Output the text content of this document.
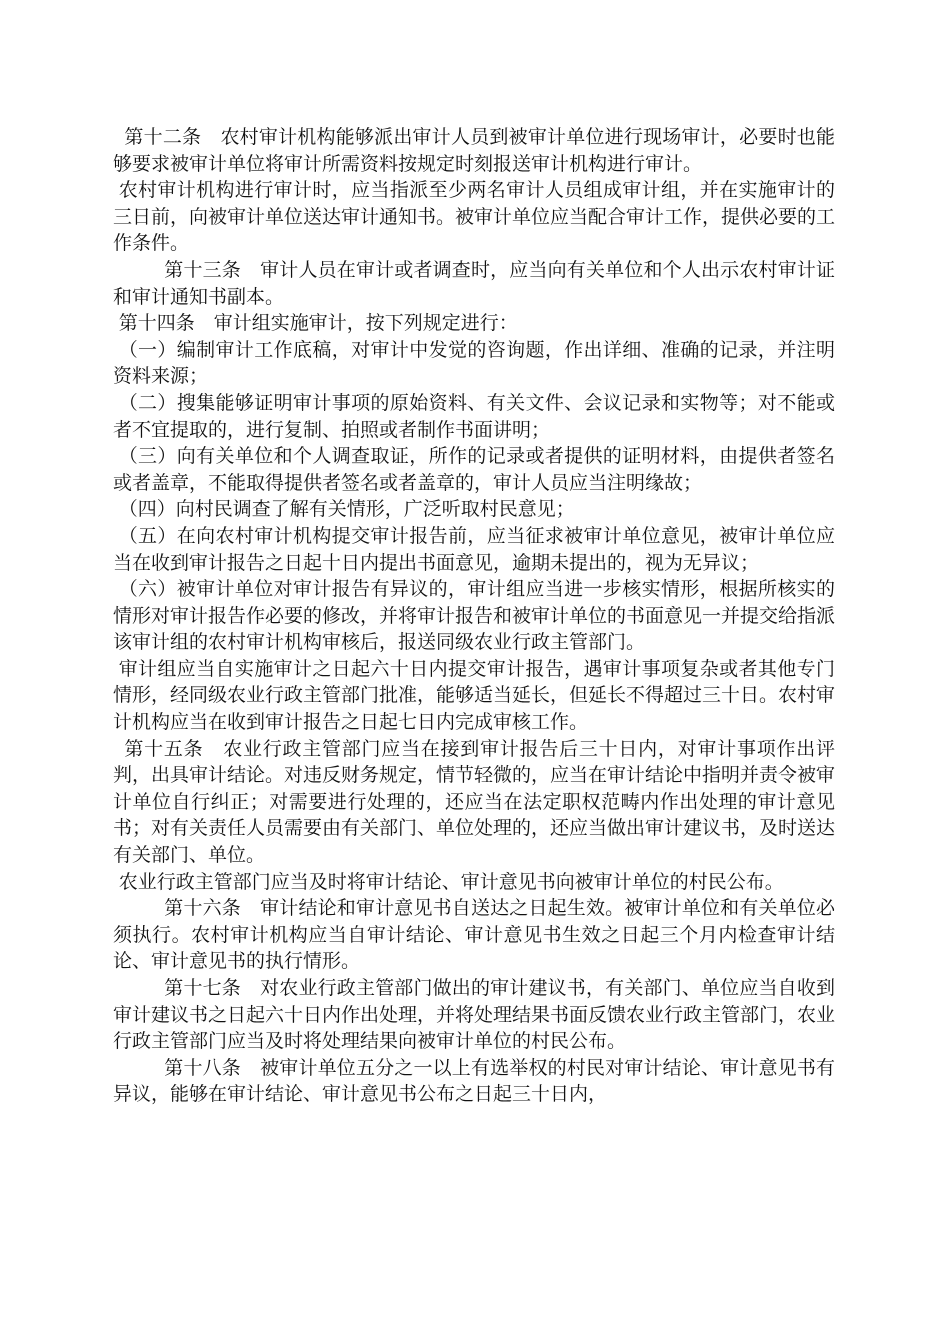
第十二条　农村审计机构能够派出审计人员到被审计单位进行现场审计，必要时也能够要求被审计单位将审计所需资料按规定时刻报送审计机构进行审计。

农村审计机构进行审计时，应当指派至少两名审计人员组成审计组，并在实施审计的三日前，向被审计单位送达审计通知书。被审计单位应当配合审计工作，提供必要的工作条件。

第十三条　审计人员在审计或者调查时，应当向有关单位和个人出示农村审计证和审计通知书副本。

第十四条　审计组实施审计，按下列规定进行：

（一）编制审计工作底稿，对审计中发觉的咨询题，作出详细、准确的记录，并注明资料来源；

（二）搜集能够证明审计事项的原始资料、有关文件、会议记录和实物等；对不能或者不宜提取的，进行复制、拍照或者制作书面讲明；

（三）向有关单位和个人调查取证，所作的记录或者提供的证明材料，由提供者签名或者盖章，不能取得提供者签名或者盖章的，审计人员应当注明缘故；

（四）向村民调查了解有关情形，广泛听取村民意见；

（五）在向农村审计机构提交审计报告前，应当征求被审计单位意见，被审计单位应当在收到审计报告之日起十日内提出书面意见，逾期未提出的，视为无异议；

（六）被审计单位对审计报告有异议的，审计组应当进一步核实情形，根据所核实的情形对审计报告作必要的修改，并将审计报告和被审计单位的书面意见一并提交给指派该审计组的农村审计机构审核后，报送同级农业行政主管部门。

审计组应当自实施审计之日起六十日内提交审计报告，遇审计事项复杂或者其他专门情形，经同级农业行政主管部门批准，能够适当延长，但延长不得超过三十日。农村审计机构应当在收到审计报告之日起七日内完成审核工作。

第十五条　农业行政主管部门应当在接到审计报告后三十日内，对审计事项作出评判，出具审计结论。对违反财务规定，情节轻微的，应当在审计结论中指明并责令被审计单位自行纠正；对需要进行处理的，还应当在法定职权范畴内作出处理的审计意见书；对有关责任人员需要由有关部门、单位处理的，还应当做出审计建议书，及时送达有关部门、单位。

农业行政主管部门应当及时将审计结论、审计意见书向被审计单位的村民公布。

第十六条　审计结论和审计意见书自送达之日起生效。被审计单位和有关单位必须执行。农村审计机构应当自审计结论、审计意见书生效之日起三个月内检查审计结论、审计意见书的执行情形。

第十七条　对农业行政主管部门做出的审计建议书，有关部门、单位应当自收到审计建议书之日起六十日内作出处理，并将处理结果书面反馈农业行政主管部门，农业行政主管部门应当及时将处理结果向被审计单位的村民公布。

第十八条　被审计单位五分之一以上有选举权的村民对审计结论、审计意见书有异议，能够在审计结论、审计意见书公布之日起三十日内，
